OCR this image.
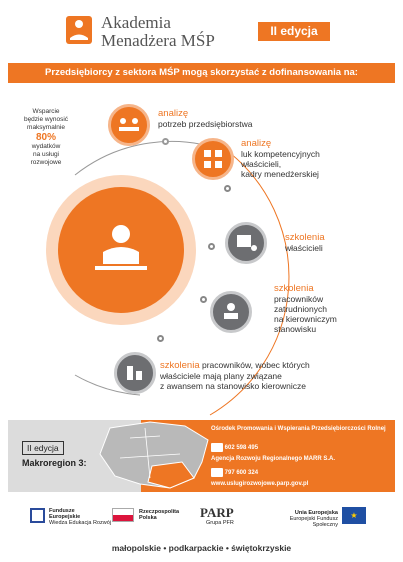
Akademia
Menadżera MŚP	II edycja
Przedsiębiorcy z sektora MŚP mogą skorzystać z dofinansowania na:
Wsparcie
będzie wynosić
maksymalnie
80%
wydatków
na usługi
rozwojowe
analizę
potrzeb przedsiębiorstwa
analizę
luk kompetencyjnych
właścicieli,
kadry menedżerskiej
szkolenia
właścicieli
szkolenia
pracowników
zatrudnionych
na kierowniczym
stanowisku
szkolenia pracowników, wobec których
właściciele mają plany związane
z awansem na stanowisko kierownicze
II edycja
Makroregion 3:
Ośrodek Promowania i Wspierania Przedsiębiorczości Rolnej
602 598 495
Agencja Rozwoju Regionalnego MARR S.A.
797 600 324
www.uslugirozwojowe.parp.gov.pl
Fundusze
Europejskie
Wiedza Edukacja Rozwój
Rzeczpospolita
Polska	PARP
Grupa PFR
Unia Europejska
Europejski Fundusz Społeczny
★
małopolskie • podkarpackie • świętokrzyskie
